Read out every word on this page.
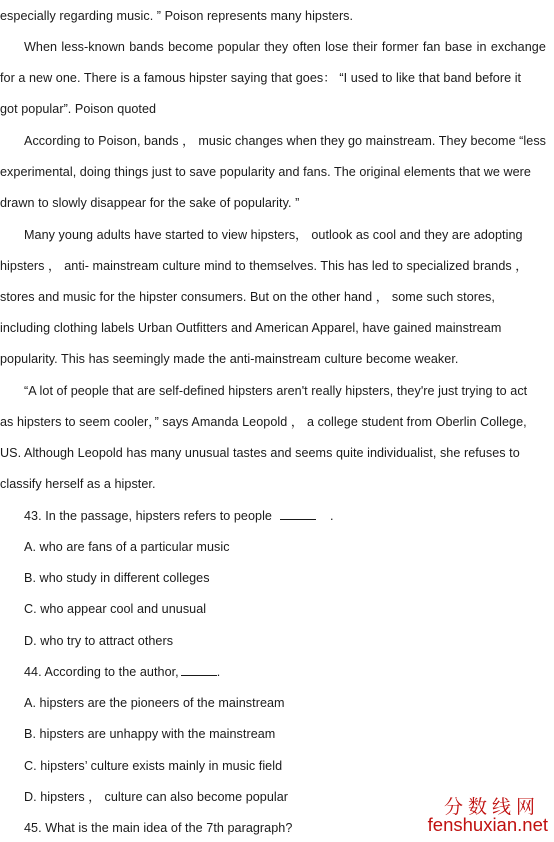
especially regarding music. ” Poison represents many hipsters.
When less-known bands become popular they often lose their former fan base in exchange
for a new one. There is a famous hipster saying that goes： “I used to like that band before it
got popular”. Poison quoted
According to Poison, bands ， music changes when they go mainstream. They become “less
experimental, doing things just to save popularity and fans. The original elements that we were
drawn to slowly disappear for the sake of popularity. ”
Many young adults have started to view hipsters， outlook as cool and they are adopting
hipsters ， anti- mainstream culture mind to themselves. This has led to specialized brands ，
stores and music for the hipster consumers. But on the other hand ， some such stores,
including clothing labels Urban Outfitters and American Apparel, have gained mainstream
popularity. This has seemingly made the anti-mainstream culture become weaker.
“A lot of people that are self-defined hipsters aren't really hipsters, they're just trying to act
as hipsters to seem cooler，” says Amanda Leopold ， a college student from Oberlin College,
US. Although Leopold has many unusual tastes and seems quite individualist, she refuses to
classify herself as a hipster.
43. In the passage, hipsters refers to people	.
A. who are fans of a particular music
B. who study in different colleges
C. who appear cool and unusual
D. who try to attract others
44. According to the author,	.
A. hipsters are the pioneers of the mainstream
B. hipsters are unhappy with the mainstream
C. hipsters’ culture exists mainly in music field
D. hipsters ， culture can also become popular
45. What is the main idea of the 7th paragraph?
分数线网
fenshuxian.net
